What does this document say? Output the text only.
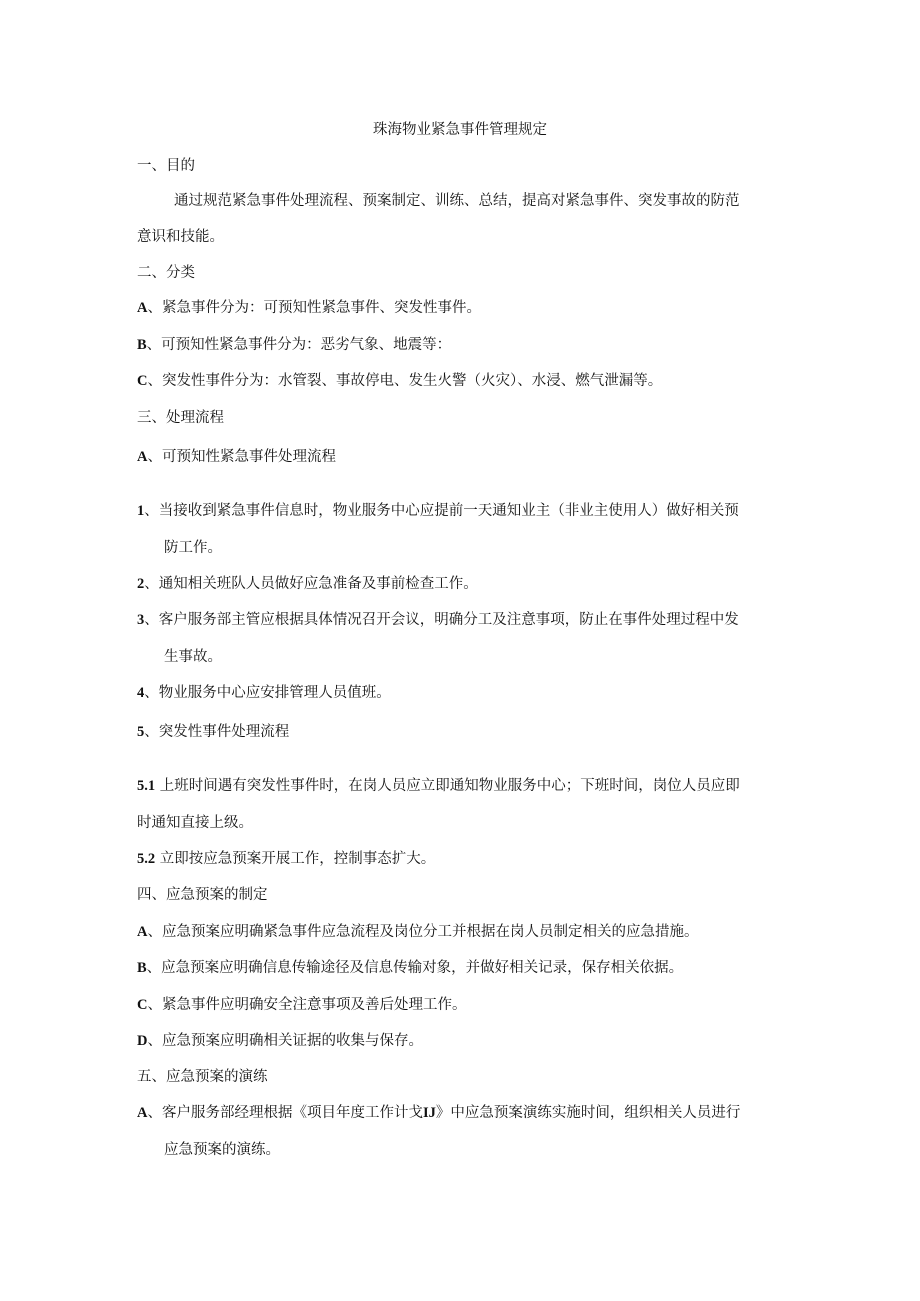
珠海物业紧急事件管理规定
一、目的
通过规范紧急事件处理流程、预案制定、训练、总结，提高对紧急事件、突发事故的防范
意识和技能。
二、分类
A、紧急事件分为：可预知性紧急事件、突发性事件。
B、可预知性紧急事件分为：恶劣气象、地震等：
C、突发性事件分为：水管裂、事故停电、发生火警（火灾）、水浸、燃气泄漏等。
三、处理流程
A、可预知性紧急事件处理流程
1、当接收到紧急事件信息时，物业服务中心应提前一天通知业主（非业主使用人）做好相关预
防工作。
2、通知相关班队人员做好应急准备及事前检查工作。
3、客户服务部主管应根据具体情况召开会议，明确分工及注意事项，防止在事件处理过程中发
生事故。
4、物业服务中心应安排管理人员值班。
5、突发性事件处理流程
5.1 上班时间遇有突发性事件时，在岗人员应立即通知物业服务中心；下班时间，岗位人员应即
时通知直接上级。
5.2 立即按应急预案开展工作，控制事态扩大。
四、应急预案的制定
A、应急预案应明确紧急事件应急流程及岗位分工并根据在岗人员制定相关的应急措施。
B、应急预案应明确信息传输途径及信息传输对象，并做好相关记录，保存相关依据。
C、紧急事件应明确安全注意事项及善后处理工作。
D、应急预案应明确相关证据的收集与保存。
五、应急预案的演练
A、客户服务部经理根据《项目年度工作计戈IJ》中应急预案演练实施时间，组织相关人员进行
应急预案的演练。
